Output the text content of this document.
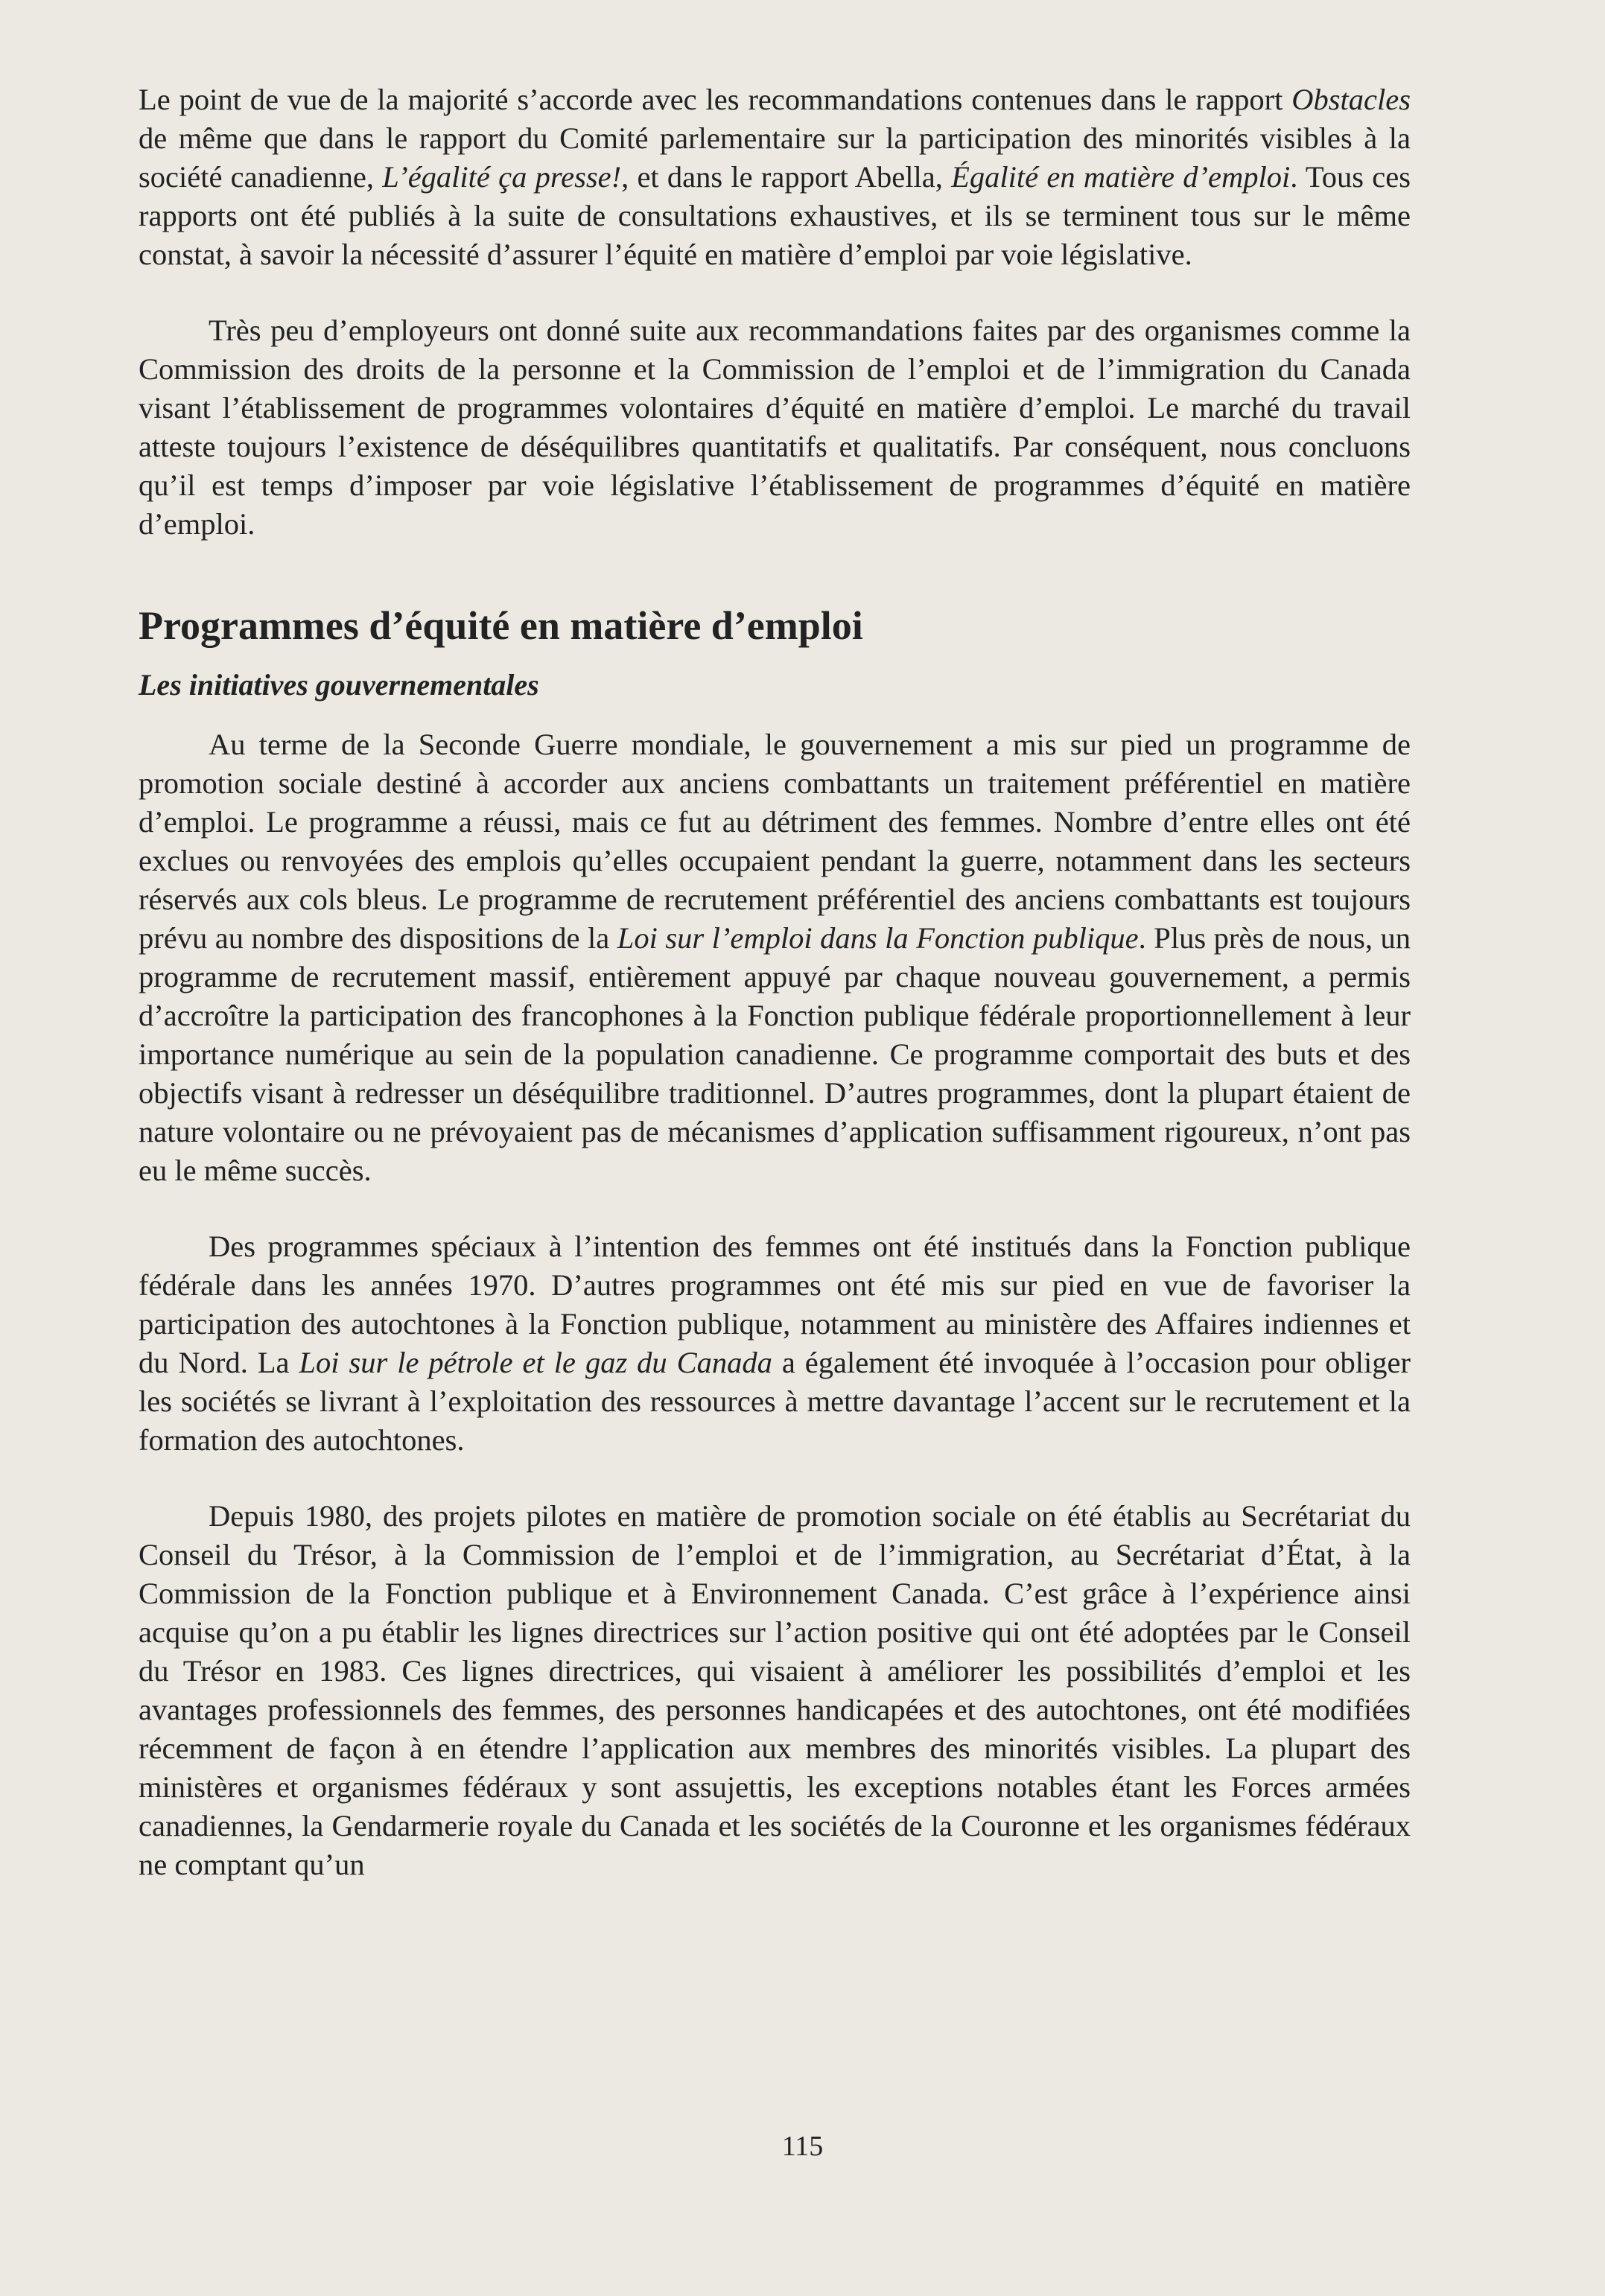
Le point de vue de la majorité s’accorde avec les recommandations contenues dans le rapport Obstacles de même que dans le rapport du Comité parlementaire sur la participation des minorités visibles à la société canadienne, L’égalité ça presse!, et dans le rapport Abella, Égalité en matière d’emploi. Tous ces rapports ont été publiés à la suite de consultations exhaustives, et ils se terminent tous sur le même constat, à savoir la nécessité d’assurer l’équité en matière d’emploi par voie législative.

Très peu d’employeurs ont donné suite aux recommandations faites par des organismes comme la Commission des droits de la personne et la Commission de l’emploi et de l’immigration du Canada visant l’établissement de programmes volontaires d’équité en matière d’emploi. Le marché du travail atteste toujours l’existence de déséquilibres quantitatifs et qualitatifs. Par conséquent, nous concluons qu’il est temps d’imposer par voie législative l’établissement de programmes d’équité en matière d’emploi.

Programmes d’équité en matière d’emploi
Les initiatives gouvernementales

Au terme de la Seconde Guerre mondiale, le gouvernement a mis sur pied un programme de promotion sociale destiné à accorder aux anciens combattants un traitement préférentiel en matière d’emploi. Le programme a réussi, mais ce fut au détriment des femmes. Nombre d’entre elles ont été exclues ou renvoyées des emplois qu’elles occupaient pendant la guerre, notamment dans les secteurs réservés aux cols bleus. Le programme de recrutement préférentiel des anciens combattants est toujours prévu au nombre des dispositions de la Loi sur l’emploi dans la Fonction publique. Plus près de nous, un programme de recrutement massif, entièrement appuyé par chaque nouveau gouvernement, a permis d’accroître la participation des francophones à la Fonction publique fédérale proportionnellement à leur importance numérique au sein de la population canadienne. Ce programme comportait des buts et des objectifs visant à redresser un déséquilibre traditionnel. D’autres programmes, dont la plupart étaient de nature volontaire ou ne prévoyaient pas de mécanismes d’application suffisamment rigoureux, n’ont pas eu le même succès.

Des programmes spéciaux à l’intention des femmes ont été institués dans la Fonction publique fédérale dans les années 1970. D’autres programmes ont été mis sur pied en vue de favoriser la participation des autochtones à la Fonction publique, notamment au ministère des Affaires indiennes et du Nord. La Loi sur le pétrole et le gaz du Canada a également été invoquée à l’occasion pour obliger les sociétés se livrant à l’exploitation des ressources à mettre davantage l’accent sur le recrutement et la formation des autochtones.

Depuis 1980, des projets pilotes en matière de promotion sociale on été établis au Secrétariat du Conseil du Trésor, à la Commission de l’emploi et de l’immigration, au Secrétariat d’État, à la Commission de la Fonction publique et à Environnement Canada. C’est grâce à l’expérience ainsi acquise qu’on a pu établir les lignes directrices sur l’action positive qui ont été adoptées par le Conseil du Trésor en 1983. Ces lignes directrices, qui visaient à améliorer les possibilités d’emploi et les avantages professionnels des femmes, des personnes handicapées et des autochtones, ont été modifiées récemment de façon à en étendre l’application aux membres des minorités visibles. La plupart des ministères et organismes fédéraux y sont assujettis, les exceptions notables étant les Forces armées canadiennes, la Gendarmerie royale du Canada et les sociétés de la Couronne et les organismes fédéraux ne comptant qu’un

115
